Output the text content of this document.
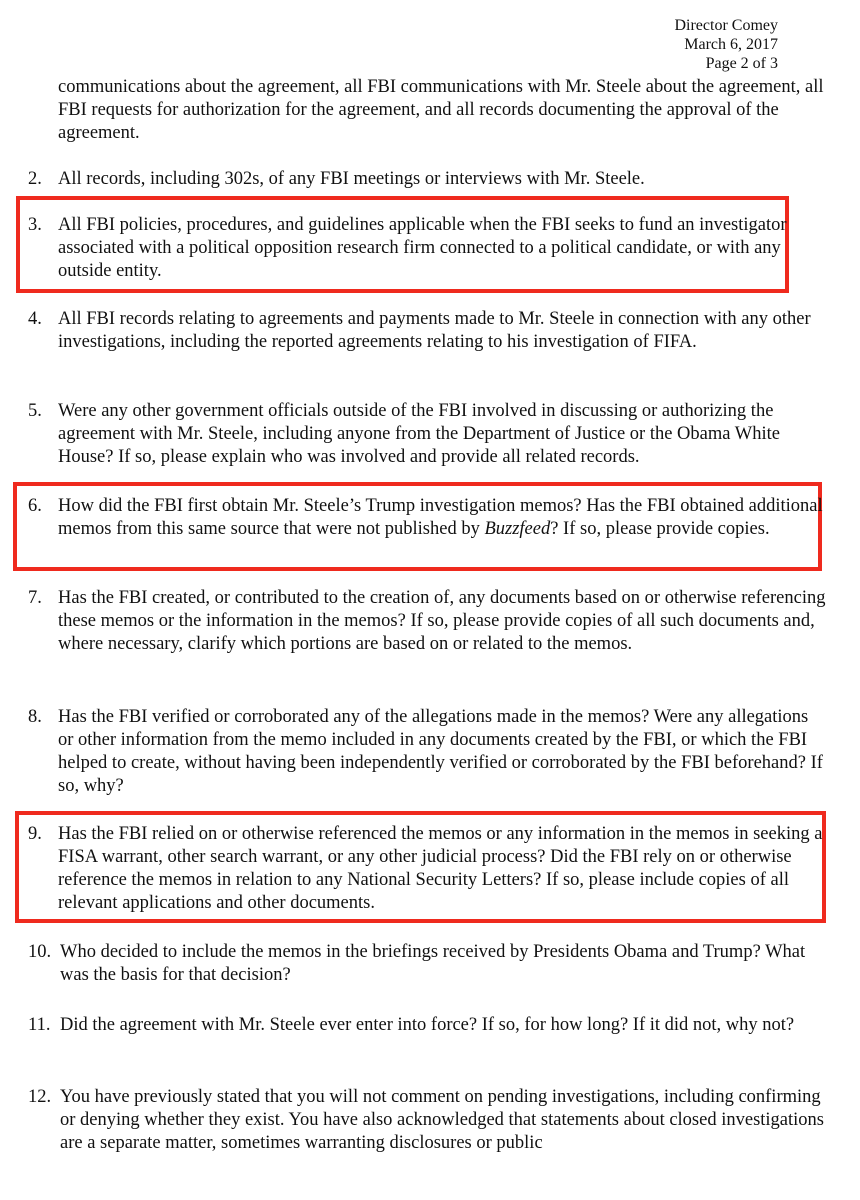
Director Comey
March 6, 2017
Page 2 of 3
communications about the agreement, all FBI communications with Mr. Steele about the agreement, all FBI requests for authorization for the agreement, and all records documenting the approval of the agreement.
2. All records, including 302s, of any FBI meetings or interviews with Mr. Steele.
3. All FBI policies, procedures, and guidelines applicable when the FBI seeks to fund an investigator associated with a political opposition research firm connected to a political candidate, or with any outside entity.
4. All FBI records relating to agreements and payments made to Mr. Steele in connection with any other investigations, including the reported agreements relating to his investigation of FIFA.
5. Were any other government officials outside of the FBI involved in discussing or authorizing the agreement with Mr. Steele, including anyone from the Department of Justice or the Obama White House? If so, please explain who was involved and provide all related records.
6. How did the FBI first obtain Mr. Steele’s Trump investigation memos? Has the FBI obtained additional memos from this same source that were not published by Buzzfeed? If so, please provide copies.
7. Has the FBI created, or contributed to the creation of, any documents based on or otherwise referencing these memos or the information in the memos? If so, please provide copies of all such documents and, where necessary, clarify which portions are based on or related to the memos.
8. Has the FBI verified or corroborated any of the allegations made in the memos? Were any allegations or other information from the memo included in any documents created by the FBI, or which the FBI helped to create, without having been independently verified or corroborated by the FBI beforehand? If so, why?
9. Has the FBI relied on or otherwise referenced the memos or any information in the memos in seeking a FISA warrant, other search warrant, or any other judicial process? Did the FBI rely on or otherwise reference the memos in relation to any National Security Letters? If so, please include copies of all relevant applications and other documents.
10. Who decided to include the memos in the briefings received by Presidents Obama and Trump? What was the basis for that decision?
11. Did the agreement with Mr. Steele ever enter into force? If so, for how long? If it did not, why not?
12. You have previously stated that you will not comment on pending investigations, including confirming or denying whether they exist. You have also acknowledged that statements about closed investigations are a separate matter, sometimes warranting disclosures or public
